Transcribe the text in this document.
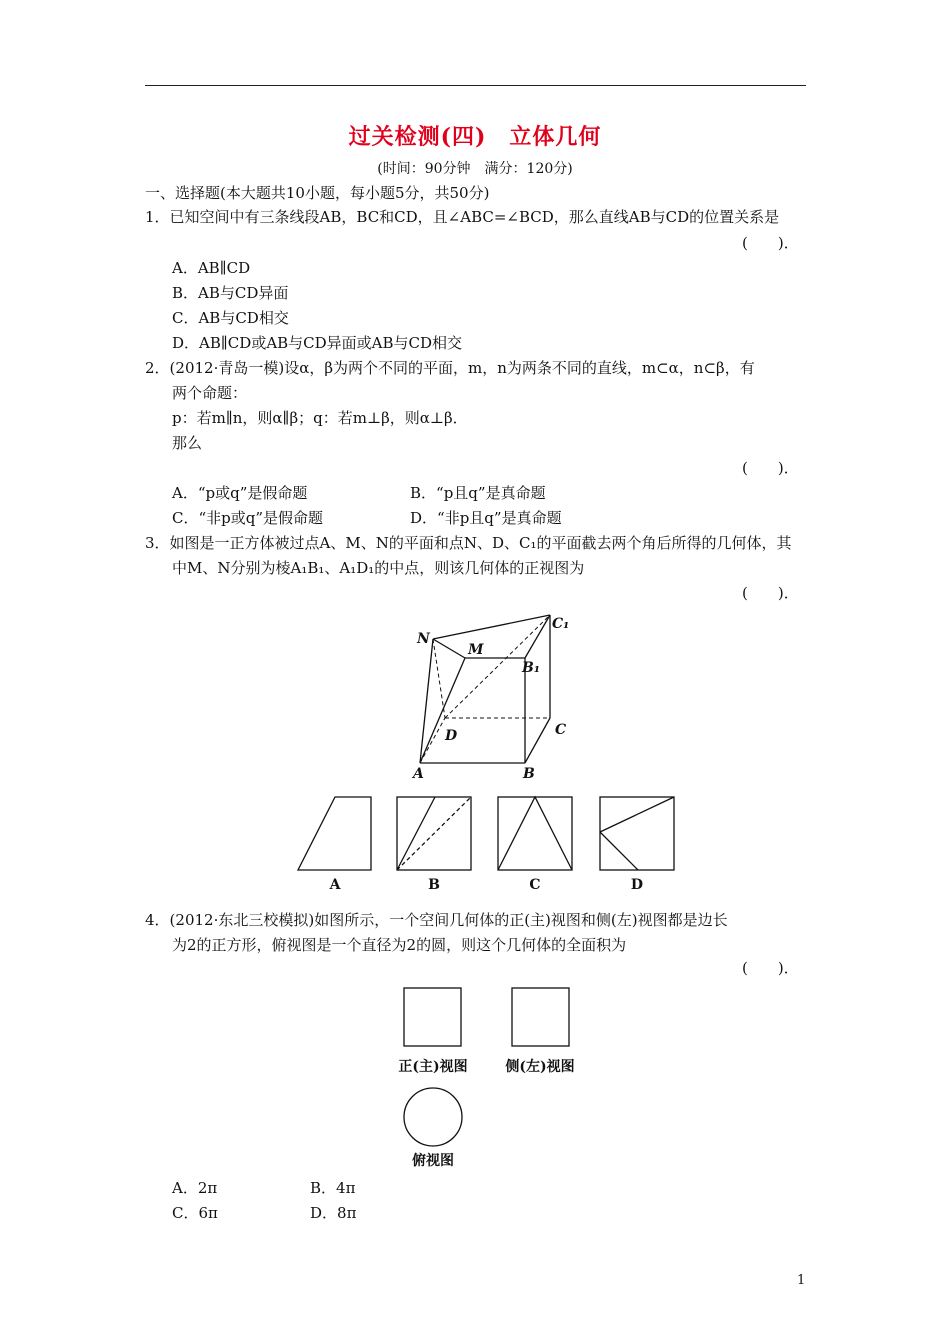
过关检测(四)　立体几何
(时间：90分钟　满分：120分)
一、选择题(本大题共10小题，每小题5分，共50分)
1．已知空间中有三条线段AB，BC和CD，且∠ABC=∠BCD，那么直线AB与CD的位置关系是
(　　)．
A．AB∥CD
B．AB与CD异面
C．AB与CD相交
D．AB∥CD或AB与CD异面或AB与CD相交
2．(2012·青岛一模)设α，β为两个不同的平面，m，n为两条不同的直线，m⊂α，n⊂β，有
两个命题：
p：若m∥n，则α∥β；q：若m⊥β，则α⊥β．
那么
(　　)．
A．“p或q”是假命题	B．“p且q”是真命题
C．“非p或q”是假命题	D．“非p且q”是真命题
3．如图是一正方体被过点A、M、N的平面和点N、D、C₁的平面截去两个角后所得的几何体，其
中M、N分别为棱A₁B₁、A₁D₁的中点，则该几何体的正视图为
(　　)．
N
M
C₁
B₁
C
D
A	B
A	B	C	D
4．(2012·东北三校模拟)如图所示，一个空间几何体的正(主)视图和侧(左)视图都是边长
为2的正方形，俯视图是一个直径为2的圆，则这个几何体的全面积为
(　　)．
正(主)视图	侧(左)视图
俯视图
A．2π	B．4π
C．6π	D．8π
1
